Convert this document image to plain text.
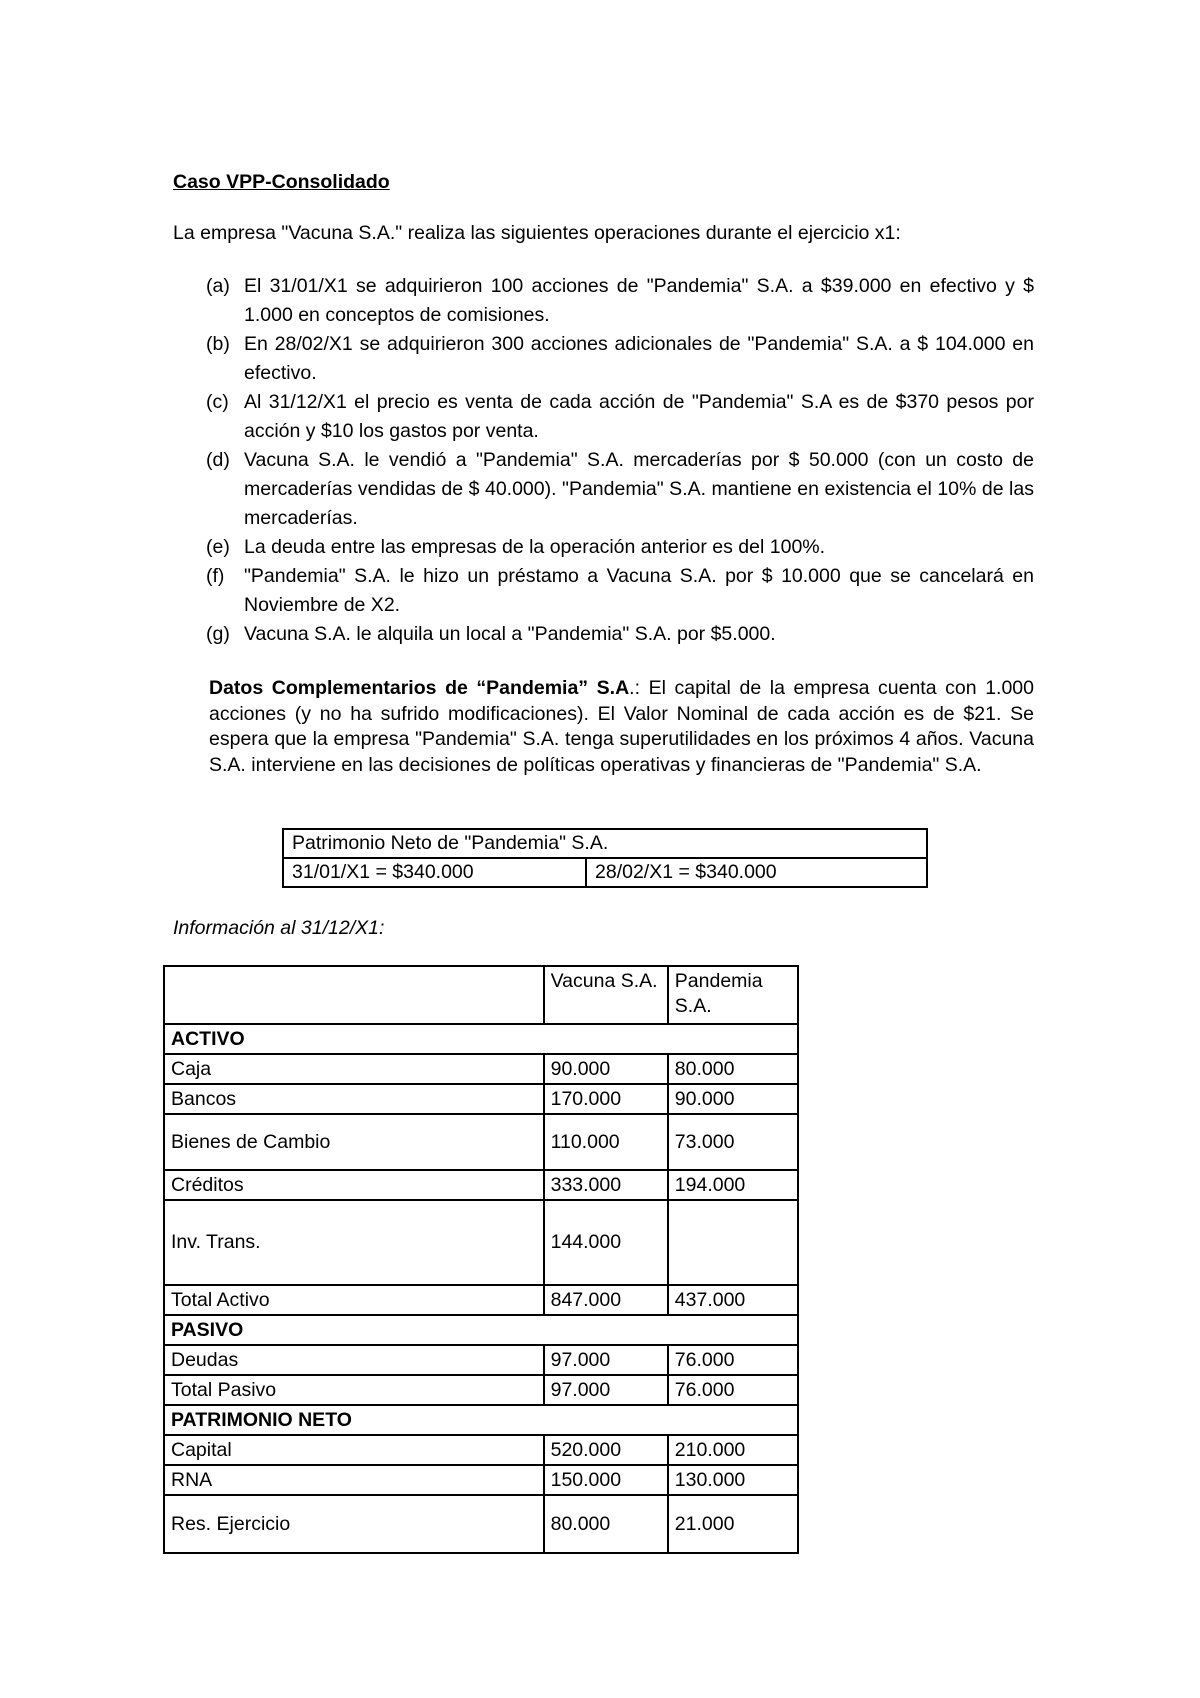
Caso VPP-Consolidado
La empresa "Vacuna S.A." realiza las siguientes operaciones durante el ejercicio x1:
(a) El 31/01/X1 se adquirieron 100 acciones de "Pandemia" S.A. a $39.000 en efectivo y $ 1.000 en conceptos de comisiones.
(b) En 28/02/X1 se adquirieron 300 acciones adicionales de "Pandemia" S.A. a $ 104.000 en efectivo.
(c) Al 31/12/X1 el precio es venta de cada acción de "Pandemia" S.A es de $370 pesos por acción y $10 los gastos por venta.
(d) Vacuna S.A. le vendió a "Pandemia" S.A. mercaderías por $ 50.000 (con un costo de mercaderías vendidas de $ 40.000). "Pandemia" S.A. mantiene en existencia el 10% de las mercaderías.
(e) La deuda entre las empresas de la operación anterior es del 100%.
(f)	"Pandemia" S.A. le hizo un préstamo a Vacuna S.A. por $ 10.000 que se cancelará en Noviembre de X2.
(g) Vacuna S.A. le alquila un local a "Pandemia" S.A. por $5.000.
Datos Complementarios de “Pandemia” S.A.: El capital de la empresa cuenta con 1.000 acciones (y no ha sufrido modificaciones). El Valor Nominal de cada acción es de $21. Se espera que la empresa "Pandemia" S.A. tenga superutilidades en los próximos 4 años. Vacuna S.A. interviene en las decisiones de políticas operativas y financieras de "Pandemia" S.A.
Patrimonio Neto de "Pandemia" S.A.
31/01/X1 = $340.000	28/02/X1 = $340.000
Información al 31/12/X1:
	Vacuna S.A.	Pandemia S.A.
ACTIVO		
Caja	90.000	80.000
Bancos	170.000	90.000
Bienes de Cambio	110.000	73.000
Créditos	333.000	194.000
Inv. Trans.	144.000	
Total Activo	847.000	437.000
PASIVO		
Deudas	97.000	76.000
Total Pasivo	97.000	76.000
PATRIMONIO NETO		
Capital	520.000	210.000
RNA	150.000	130.000
Res. Ejercicio	80.000	21.000
